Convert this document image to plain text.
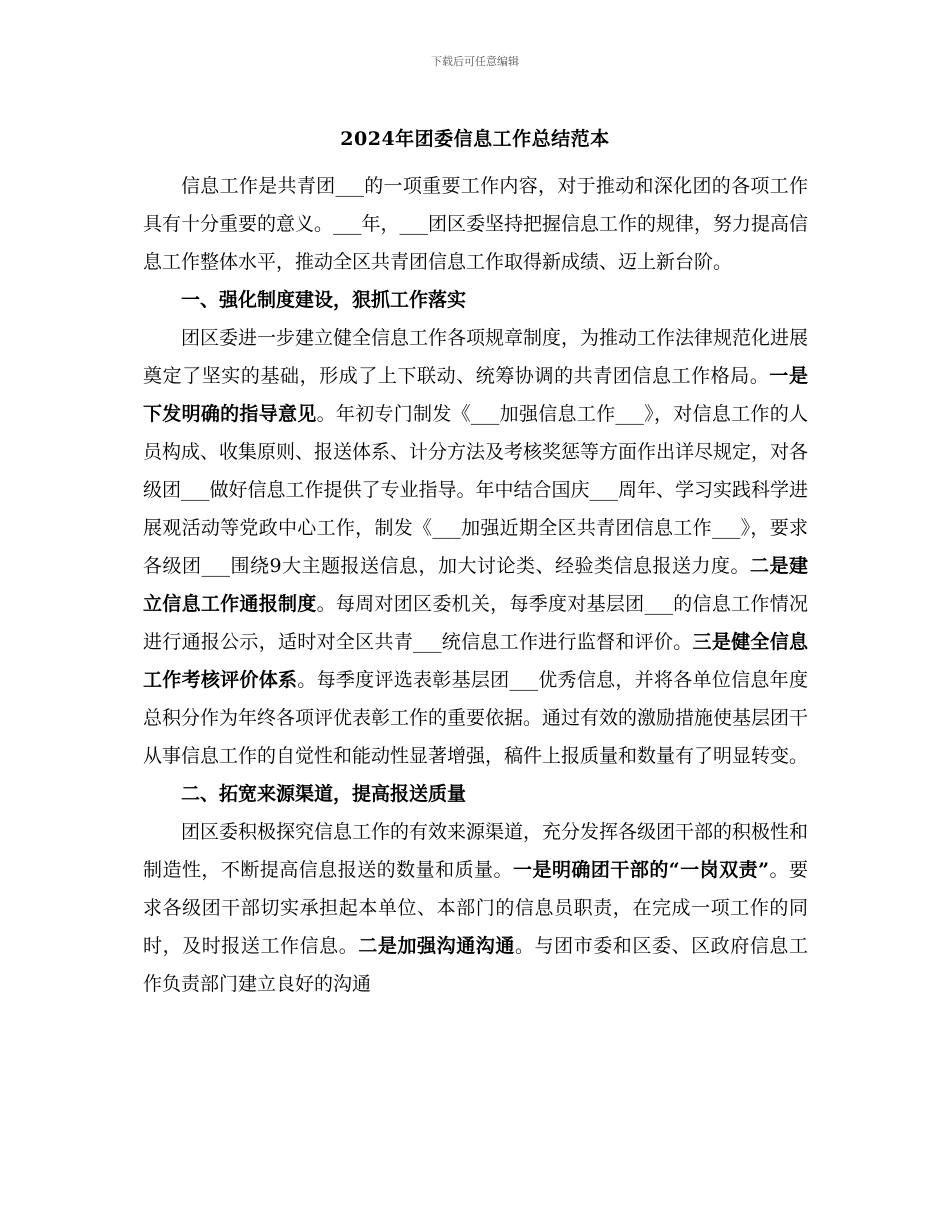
下载后可任意编辑
2024年团委信息工作总结范本

信息工作是共青团___的一项重要工作内容，对于推动和深化团的各项工作具有十分重要的意义。___年，___团区委坚持把握信息工作的规律，努力提高信息工作整体水平，推动全区共青团信息工作取得新成绩、迈上新台阶。

一、强化制度建设，狠抓工作落实

团区委进一步建立健全信息工作各项规章制度，为推动工作法律规范化进展奠定了坚实的基础，形成了上下联动、统筹协调的共青团信息工作格局。一是下发明确的指导意见。年初专门制发《___加强信息工作___》，对信息工作的人员构成、收集原则、报送体系、计分方法及考核奖惩等方面作出详尽规定，对各级团___做好信息工作提供了专业指导。年中结合国庆___周年、学习实践科学进展观活动等党政中心工作，制发《___加强近期全区共青团信息工作___》，要求各级团___围绕9大主题报送信息，加大讨论类、经验类信息报送力度。二是建立信息工作通报制度。每周对团区委机关，每季度对基层团___的信息工作情况进行通报公示，适时对全区共青___统信息工作进行监督和评价。三是健全信息工作考核评价体系。每季度评选表彰基层团___优秀信息，并将各单位信息年度总积分作为年终各项评优表彰工作的重要依据。通过有效的激励措施使基层团干从事信息工作的自觉性和能动性显著增强，稿件上报质量和数量有了明显转变。

二、拓宽来源渠道，提高报送质量

团区委积极探究信息工作的有效来源渠道，充分发挥各级团干部的积极性和制造性，不断提高信息报送的数量和质量。一是明确团干部的“一岗双责”。要求各级团干部切实承担起本单位、本部门的信息员职责，在完成一项工作的同时，及时报送工作信息。二是加强沟通沟通。与团市委和区委、区政府信息工作负责部门建立良好的沟通
